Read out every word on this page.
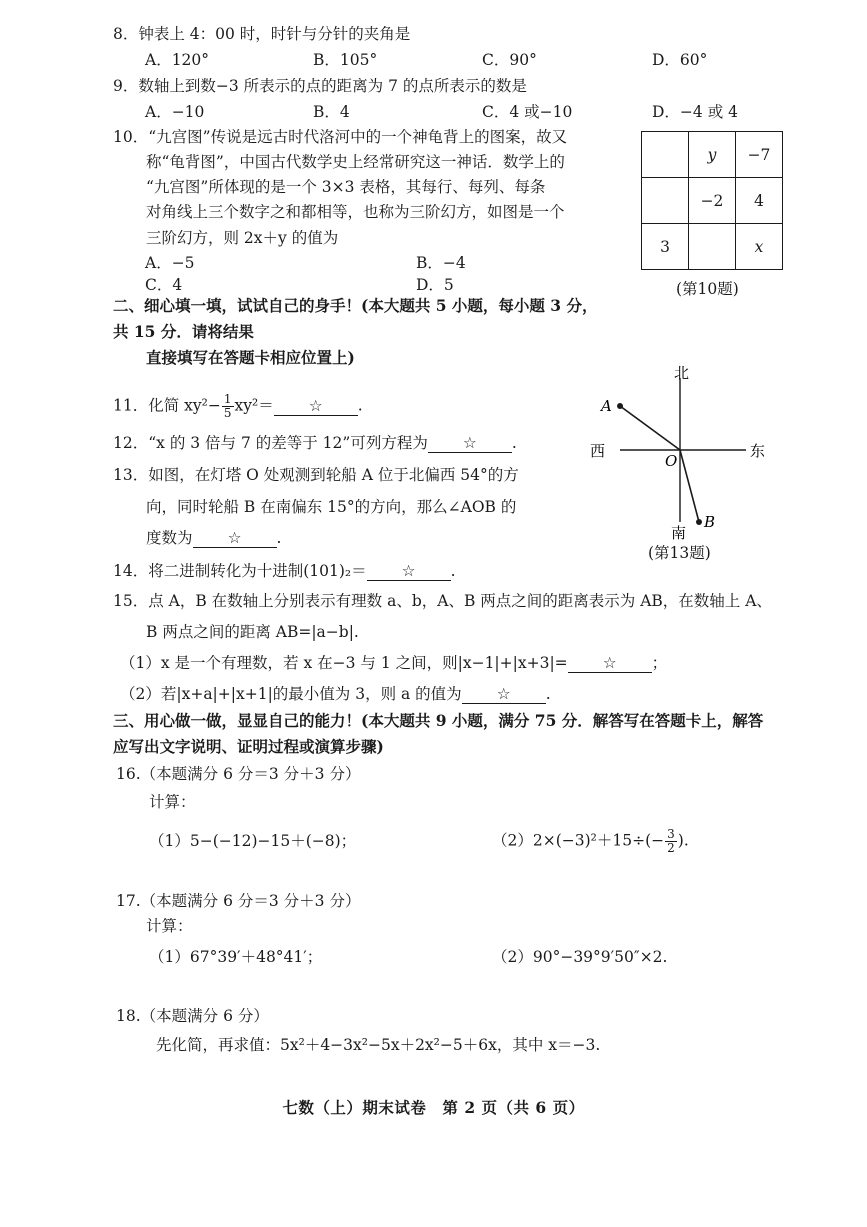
8．钟表上 4：00 时，时针与分针的夹角是
A．120°	B．105°	C．90°	D．60°
9．数轴上到数−3 所表示的点的距离为 7 的点所表示的数是
A．−10	B．4	C．4 或−10	D．−4 或 4
10．“九宫图”传说是远古时代洛河中的一个神龟背上的图案，故又
称“龟背图”，中国古代数学史上经常研究这一神话．数学上的
“九宫图”所体现的是一个 3×3 表格，其每行、每列、每条
对角线上三个数字之和都相等，也称为三阶幻方，如图是一个
三阶幻方，则 2x＋y 的值为
A．−5	B．−4
C．4	D．5
	y	−7
	−2	4
3		x
(第10题)
二、细心填一填，试试自己的身手！(本大题共 5 小题，每小题 3 分，
共 15 分．请将结果
直接填写在答题卡相应位置上)
11．化简 $xy^2- \frac{1}{5} xy^2=$ ☆ .
12．“x 的 3 倍与 7 的差等于 12”可列方程为 ☆ .
13．如图，在灯塔 O 处观测到轮船 A 位于北偏西 54°的方
向，同时轮船 B 在南偏东 15°的方向，那么∠AOB 的
度数为 ☆ .
北
西	东
南
O
A
B
(第13题)
14．将二进制转化为十进制(101)₂＝ ☆ .
15．点 A，B 在数轴上分别表示有理数 a、b，A、B 两点之间的距离表示为 AB，在数轴上 A、
B 两点之间的距离 AB=|a−b|.
（1）x 是一个有理数，若 x 在−3 与 1 之间，则|x−1|+|x+3|= ☆ ；
（2）若|x+a|+|x+1|的最小值为 3，则 a 的值为 ☆ .
三、用心做一做，显显自己的能力！(本大题共 9 小题，满分 75 分．解答写在答题卡上，解答
应写出文字说明、证明过程或演算步骤)
16.（本题满分 6 分＝3 分＋3 分）
计算：
（1）5−(−12)−15＋(−8)；	$(2)2\times(-3)^2+15\div(- \frac{3}{2}$ ).
17.（本题满分 6 分＝3 分＋3 分）
计算：
（1）67°39′＋48°41′；	（2）90°−39°9′50″×2.
18.（本题满分 6 分）
先化简，再求值：5x²＋4−3x²−5x＋2x²−5＋6x，其中 x＝−3.
七数（上）期末试卷　第 2 页（共 6 页）
